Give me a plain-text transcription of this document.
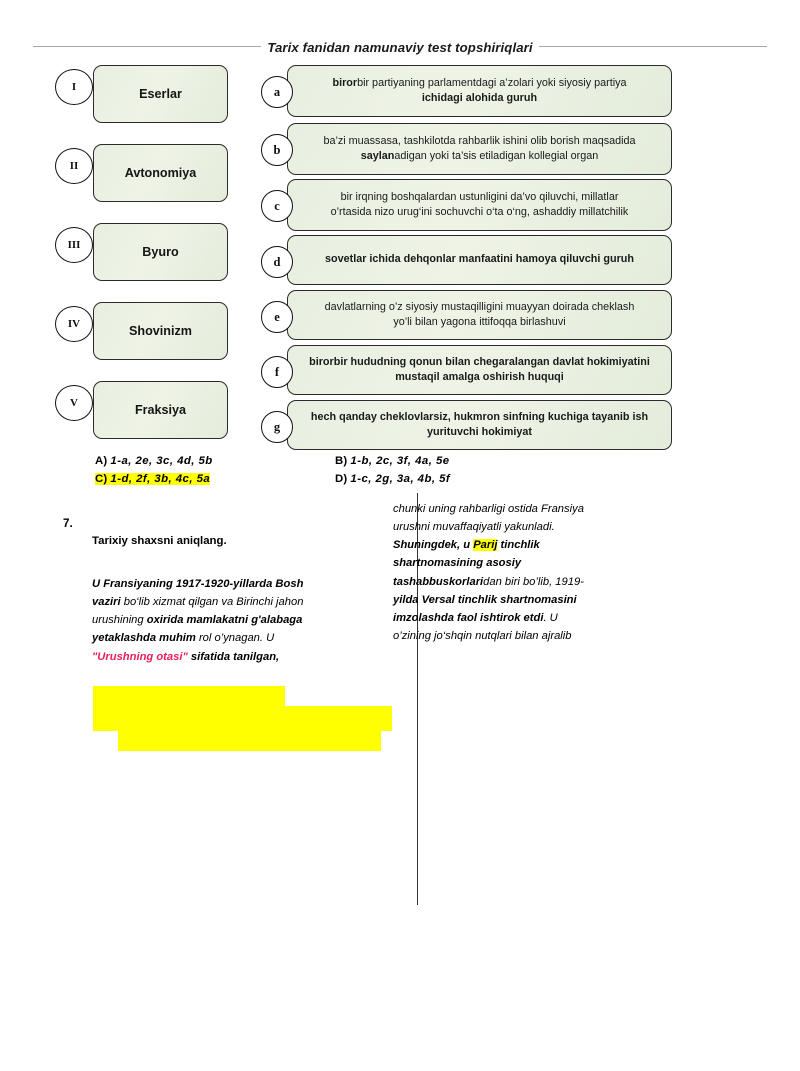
Tarix fanidan namunaviy test topshiriqlari
I	Eserlar
II	Avtonomiya
III	Byuro
IV	Shovinizm
V	Fraksiya
a
birorbir partiyaning parlamentdagi a’zolari yoki siyosiy partiya
ichidagi alohida guruh
b
ba’zi muassasa, tashkilotda rahbarlik ishini olib borish maqsadida
saylanadigan yoki ta’sis etiladigan kollegial organ
c
bir irqning boshqalardan ustunligini da’vo qiluvchi, millatlar
o’rtasida nizo urug‘ini sochuvchi o‘ta o‘ng, ashaddiy millatchilik
d	sovetlar ichida dehqonlar manfaatini hamoya qiluvchi guruh
e
davlatlarning o’z siyosiy mustaqilligini muayyan doirada cheklash
yo’li bilan yagona ittifoqqa birlashuvi
f
birorbir hududning qonun bilan chegaralangan davlat hokimiyatini
mustaqil amalga oshirish huquqi
g
hech qanday cheklovlarsiz, hukmron sinfning kuchiga tayanib ish
yurituvchi hokimiyat
A) 1-a, 2e, 3c, 4d, 5b	B) 1-b, 2c, 3f, 4a, 5e
C) 1-d, 2f, 3b, 4c, 5a	D) 1-c, 2g, 3a, 4b, 5f
7.
Tarixiy shaxsni aniqlang.
U Fransiyaning 1917-1920-yillarda Bosh
vaziri bo‘lib xizmat qilgan va Birinchi jahon
urushining oxirida mamlakatni g'alabaga
yetaklashda muhim rol o’ynagan. U
"Urushning otasi" sifatida tanilgan,
chunki uning rahbarligi ostida Fransiya
urushni muvaffaqiyatli yakunladi.
Shuningdek, u Parij tinchlik
shartnomasining asosiy
tashabbuskorlaridan biri bo’lib, 1919-
yilda Versal tinchlik shartnomasini
imzolashda faol ishtirok etdi. U
o’zining jo‘shqin nutqlari bilan ajralib
